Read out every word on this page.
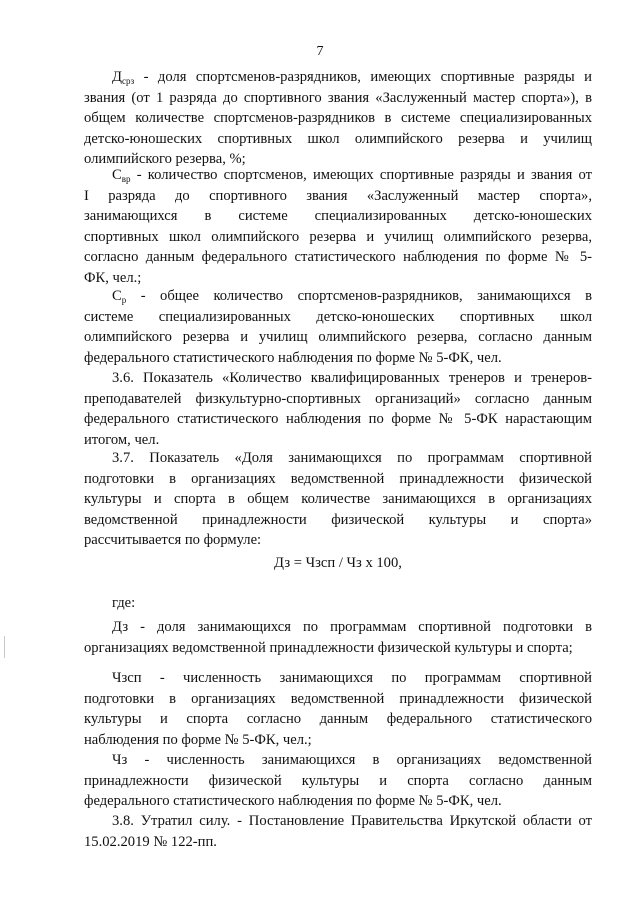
7
$Д_{срз}$ - доля спортсменов-разрядников, имеющих спортивные разряды и
звания (от 1 разряда до спортивного звания «Заслуженный мастер спорта»), в
общем количестве спортсменов-разрядников в системе специализированных
детско-юношеских спортивных школ олимпийского резерва и училищ
олимпийского резерва, %;
$С_{вр}$ - количество спортсменов, имеющих спортивные разряды и звания от
I разряда до спортивного звания «Заслуженный мастер спорта»,
занимающихся в системе специализированных детско-юношеских
спортивных школ олимпийского резерва и училищ олимпийского резерва,
согласно данным федерального статистического наблюдения по форме № 5-
ФК, чел.;
$С_р$ - общее количество спортсменов-разрядников, занимающихся в
системе специализированных детско-юношеских спортивных школ
олимпийского резерва и училищ олимпийского резерва, согласно данным
федерального статистического наблюдения по форме № 5-ФК, чел.
3.6. Показатель «Количество квалифицированных тренеров и тренеров-
преподавателей физкультурно-спортивных организаций» согласно данным
федерального статистического наблюдения по форме № 5-ФК нарастающим
итогом, чел.
3.7. Показатель «Доля занимающихся по программам спортивной
подготовки в организациях ведомственной принадлежности физической
культуры и спорта в общем количестве занимающихся в организациях
ведомственной принадлежности физической культуры и спорта»
рассчитывается по формуле:
Дз = Чзсп / Чз х 100,
где:
Дз - доля занимающихся по программам спортивной подготовки в
организациях ведомственной принадлежности физической культуры и спорта;
Чзсп - численность занимающихся по программам спортивной
подготовки в организациях ведомственной принадлежности физической
культуры и спорта согласно данным федерального статистического
наблюдения по форме № 5-ФК, чел.;
Чз - численность занимающихся в организациях ведомственной
принадлежности физической культуры и спорта согласно данным
федерального статистического наблюдения по форме № 5-ФК, чел.
3.8. Утратил силу. - Постановление Правительства Иркутской области от
15.02.2019 № 122-пп.
